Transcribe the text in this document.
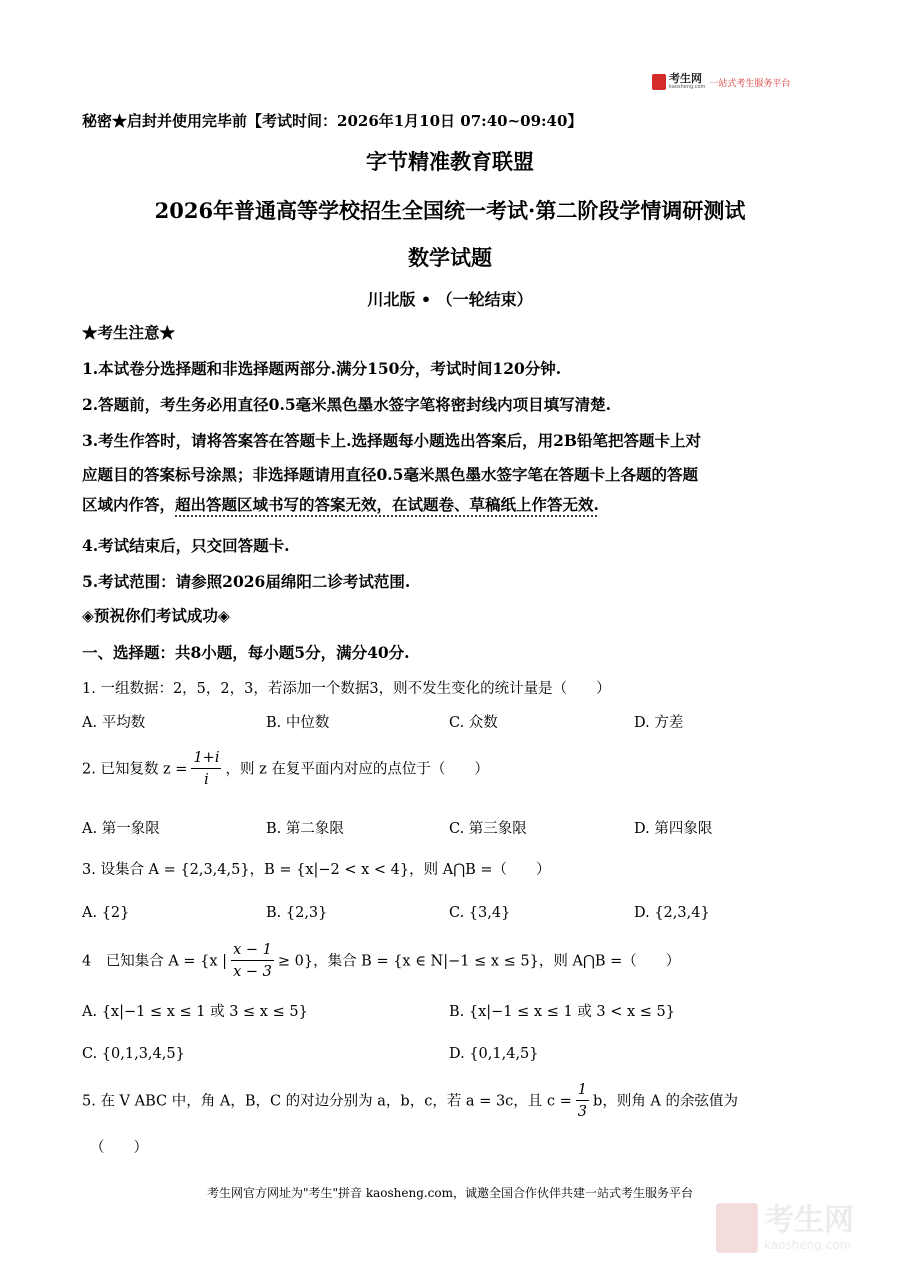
考生网
kaosheng.com 一站式考生服务平台
秘密★启封并使用完毕前【考试时间：2026年1月10日 07:40~09:40】
字节精准教育联盟
2026年普通高等学校招生全国统一考试·第二阶段学情调研测试
数学试题
川北版 • （一轮结束）
★考生注意★
1.本试卷分选择题和非选择题两部分.满分150分，考试时间120分钟.
2.答题前，考生务必用直径0.5毫米黑色墨水签字笔将密封线内项目填写清楚.
3.考生作答时，请将答案答在答题卡上.选择题每小题选出答案后，用2B铅笔把答题卡上对
应题目的答案标号涂黑；非选择题请用直径0.5毫米黑色墨水签字笔在答题卡上各题的答题
区域内作答，超出答题区域书写的答案无效，在试题卷、草稿纸上作答无效.
4.考试结束后，只交回答题卡.
5.考试范围：请参照2026届绵阳二诊考试范围.
◈预祝你们考试成功◈
一、选择题：共8小题，每小题5分，满分40分.
1. 一组数据：2，5，2，3，若添加一个数据3，则不发生变化的统计量是（　　）
A. 平均数	B. 中位数	C. 众数	D. 方差
2. 已知复数 $z = \frac{1+i}{i}$ ，则 z 在复平面内对应的点位于（　　）
A. 第一象限	B. 第二象限	C. 第三象限	D. 第四象限
3. 设集合 A = {2,3,4,5}，B = {x|−2 < x < 4}，则 A⋂B =（　　）
A. {2}	B. {2,3}	C. {3,4}	D. {2,3,4}
4　已知集合 A = {x | $\frac{x - 1}{x - 3} \ge 0$}，集合 B = {x ∈ N|−1 ≤ x ≤ 5}，则 A⋂B =（　　）
A. {x|−1 ≤ x ≤ 1 或 3 ≤ x ≤ 5}	B. {x|−1 ≤ x ≤ 1 或 3 < x ≤ 5}
C. {0,1,3,4,5}	D. {0,1,4,5}
5. 在 V ABC 中，角 A，B，C 的对边分别为 a，b，c，若 a = 3c，且 $c = \frac{1}{3}$ b，则角 A 的余弦值为
（　　）
考生网官方网址为"考生"拼音 kaosheng.com，诚邀全国合作伙伴共建一站式考生服务平台
考生网
kaosheng.com
